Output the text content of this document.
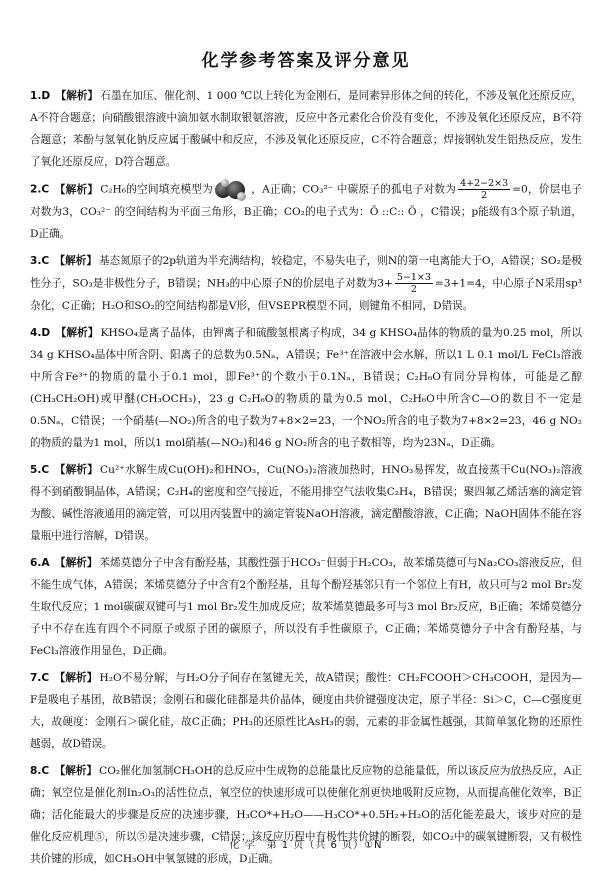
化学参考答案及评分意见
1.D 【解析】 石墨在加压、催化剂、1 000 ℃以上转化为金刚石，是同素异形体之间的转化，不涉及氧化还原反应，A不符合题意；向硝酸银溶液中滴加氨水制取银氨溶液，反应中各元素化合价没有变化，不涉及氧化还原反应，B不符合题意；苯酚与氢氧化钠反应属于酸碱中和反应，不涉及氧化还原反应，C不符合题意；焊接钢轨发生铝热反应，发生了氧化还原反应，D符合题意。
2.C 【解析】 C₂H₆的空间填充模型为	，A正确；CO₃²⁻ 中碳原子的孤电子对数为 $\frac{4+2-2\times 3}{2} =0$，价层电子对数为3，CO₃²⁻ 的空间结构为平面三角形，B正确；CO₂的电子式为：Ö ::C:: Ö ，C错误；p能级有3个原子轨道，D正确。
3.C 【解析】 基态氮原子的2p轨道为半充满结构，较稳定，不易失电子，则N的第一电离能大于O，A错误；SO₂是极性分子，SO₃是非极性分子，B错误；NH₃的中心原子N的价层电子对数为$3+ \frac{5-1\times 3}{2} =3+1=4$，中心原子N采用sp³杂化，C正确；H₂O和SO₂的空间结构都是V形，但VSEPR模型不同，则键角不相同，D错误。
4.D 【解析】 KHSO₄是离子晶体，由钾离子和硫酸氢根离子构成，34 g KHSO₄晶体的物质的量为0.25 mol，所以34 g KHSO₄晶体中所含阴、阳离子的总数为0.5Nₐ，A错误；Fe³⁺在溶液中会水解，所以1 L 0.1 mol/L FeCl₃溶液中所含Fe³⁺的物质的量小于0.1 mol，即Fe³⁺的个数小于0.1Nₐ，B错误；C₂H₆O有同分异构体，可能是乙醇(CH₃CH₂OH)或甲醚(CH₃OCH₃)，23 g C₂H₆O的物质的量为0.5 mol，C₂H₆O中所含C—O的数目不一定是0.5Nₐ，C错误；一个硝基(—NO₂)所含的电子数为7+8×2=23，一个NO₂所含的电子数为7+8×2=23，46 g NO₂的物质的量为1 mol，所以1 mol硝基(—NO₂)和46 g NO₂所含的电子数相等，均为23Nₐ，D正确。
5.C 【解析】 Cu²⁺水解生成Cu(OH)₂和HNO₃，Cu(NO₃)₂溶液加热时，HNO₃易挥发，故直接蒸干Cu(NO₃)₂溶液得不到硝酸铜晶体，A错误；C₂H₄的密度和空气接近，不能用排空气法收集C₂H₄，B错误；聚四氟乙烯活塞的滴定管为酸、碱性溶液通用的滴定管，可以用丙装置中的滴定管装NaOH溶液，滴定醋酸溶液，C正确；NaOH固体不能在容量瓶中进行溶解，D错误。
6.A 【解析】 苯烯莫德分子中含有酚羟基，其酸性强于HCO₃⁻但弱于H₂CO₃，故苯烯莫德可与Na₂CO₃溶液反应，但不能生成气体，A错误；苯烯莫德分子中含有2个酚羟基，且每个酚羟基邻只有一个邻位上有H，故只可与2 mol Br₂发生取代反应；1 mol碳碳双键可与1 mol Br₂发生加成反应；故苯烯莫德最多可与3 mol Br₂反应，B正确；苯烯莫德分子中不存在连有四个不同原子或原子团的碳原子，所以没有手性碳原子，C正确；苯烯莫德分子中含有酚羟基，与FeCl₃溶液作用显色，D正确。
7.C 【解析】 H₂O不易分解，与H₂O分子间存在氢键无关，故A错误；酸性：CH₂FCOOH＞CH₃COOH，是因为—F是吸电子基团，故B错误；金刚石和碳化硅都是共价晶体，硬度由共价键强度决定，原子半径：Si＞C，C—C强度更大，故硬度：金刚石＞碳化硅，故C正确；PH₃的还原性比AsH₃的弱，元素的非金属性越强，其简单氢化物的还原性越弱，故D错误。
8.C 【解析】 CO₂催化加氢制CH₃OH的总反应中生成物的总能量比反应物的总能量低，所以该反应为放热反应，A正确；氧空位是催化剂In₂O₃的活性位点，氧空位的快速形成可以使催化剂更快地吸附反应物，从而提高催化效率，B正确；活化能最大的步骤是反应的决速步骤，H₃CO*+H₂O——H₃CO*+0.5H₂+H₂O的活化能差最大，该步对应的是催化反应机理⑤，所以⑤是决速步骤，C错误；该反应历程中有极性共价键的断裂，如CO₂中的碳氧键断裂，又有极性共价键的形成，如CH₃OH中氧氢键的形成，D正确。
化 学　第 1 页（共 6 页）①N
